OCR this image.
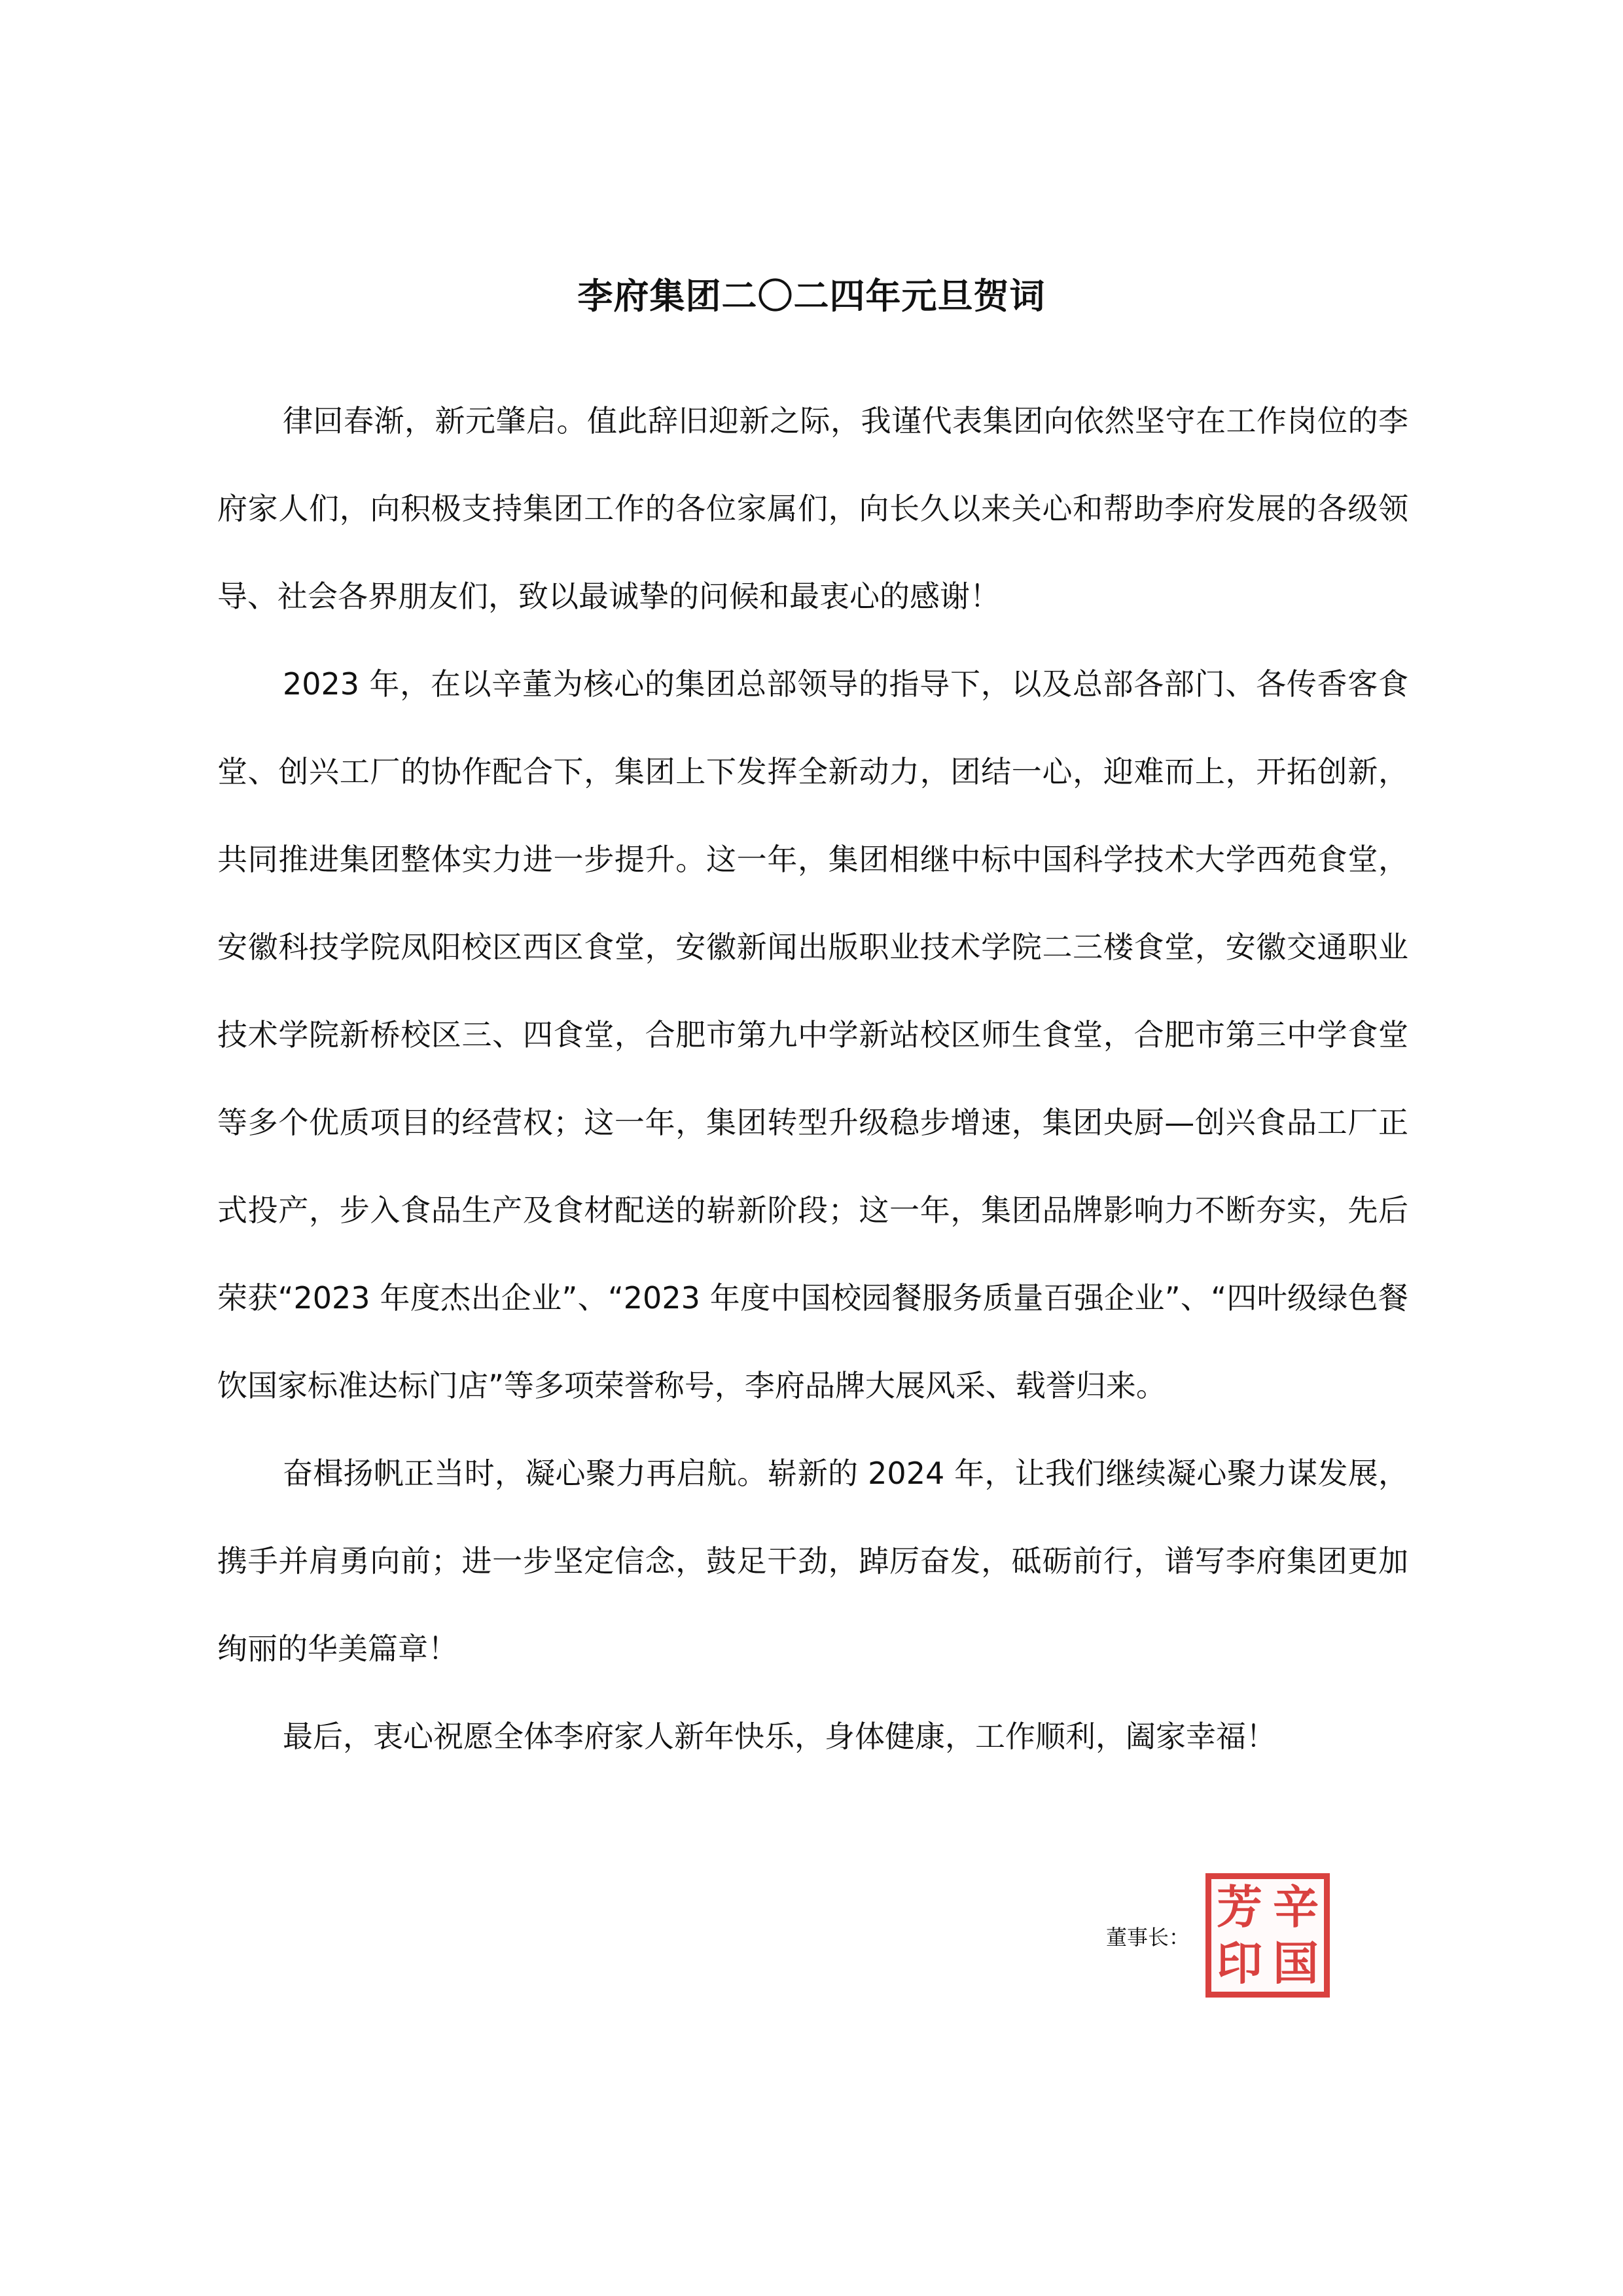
李府集团二〇二四年元旦贺词

律回春渐，新元肇启。值此辞旧迎新之际，我谨代表集团向依然坚守在工作岗位的李府家人们，向积极支持集团工作的各位家属们，向长久以来关心和帮助李府发展的各级领导、社会各界朋友们，致以最诚挚的问候和最衷心的感谢！

2023 年，在以辛董为核心的集团总部领导的指导下，以及总部各部门、各传香客食堂、创兴工厂的协作配合下，集团上下发挥全新动力，团结一心，迎难而上，开拓创新，共同推进集团整体实力进一步提升。这一年，集团相继中标中国科学技术大学西苑食堂，安徽科技学院凤阳校区西区食堂，安徽新闻出版职业技术学院二三楼食堂，安徽交通职业技术学院新桥校区三、四食堂，合肥市第九中学新站校区师生食堂，合肥市第三中学食堂等多个优质项目的经营权；这一年，集团转型升级稳步增速，集团央厨—创兴食品工厂正式投产，步入食品生产及食材配送的崭新阶段；这一年，集团品牌影响力不断夯实，先后荣获“2023 年度杰出企业”、“2023 年度中国校园餐服务质量百强企业”、“四叶级绿色餐饮国家标准达标门店”等多项荣誉称号，李府品牌大展风采、载誉归来。

奋楫扬帆正当时，凝心聚力再启航。崭新的 2024 年，让我们继续凝心聚力谋发展，携手并肩勇向前；进一步坚定信念，鼓足干劲，踔厉奋发，砥砺前行，谱写李府集团更加绚丽的华美篇章！

最后，衷心祝愿全体李府家人新年快乐，身体健康，工作顺利，阖家幸福！

董事长：
辛
国
芳
印
